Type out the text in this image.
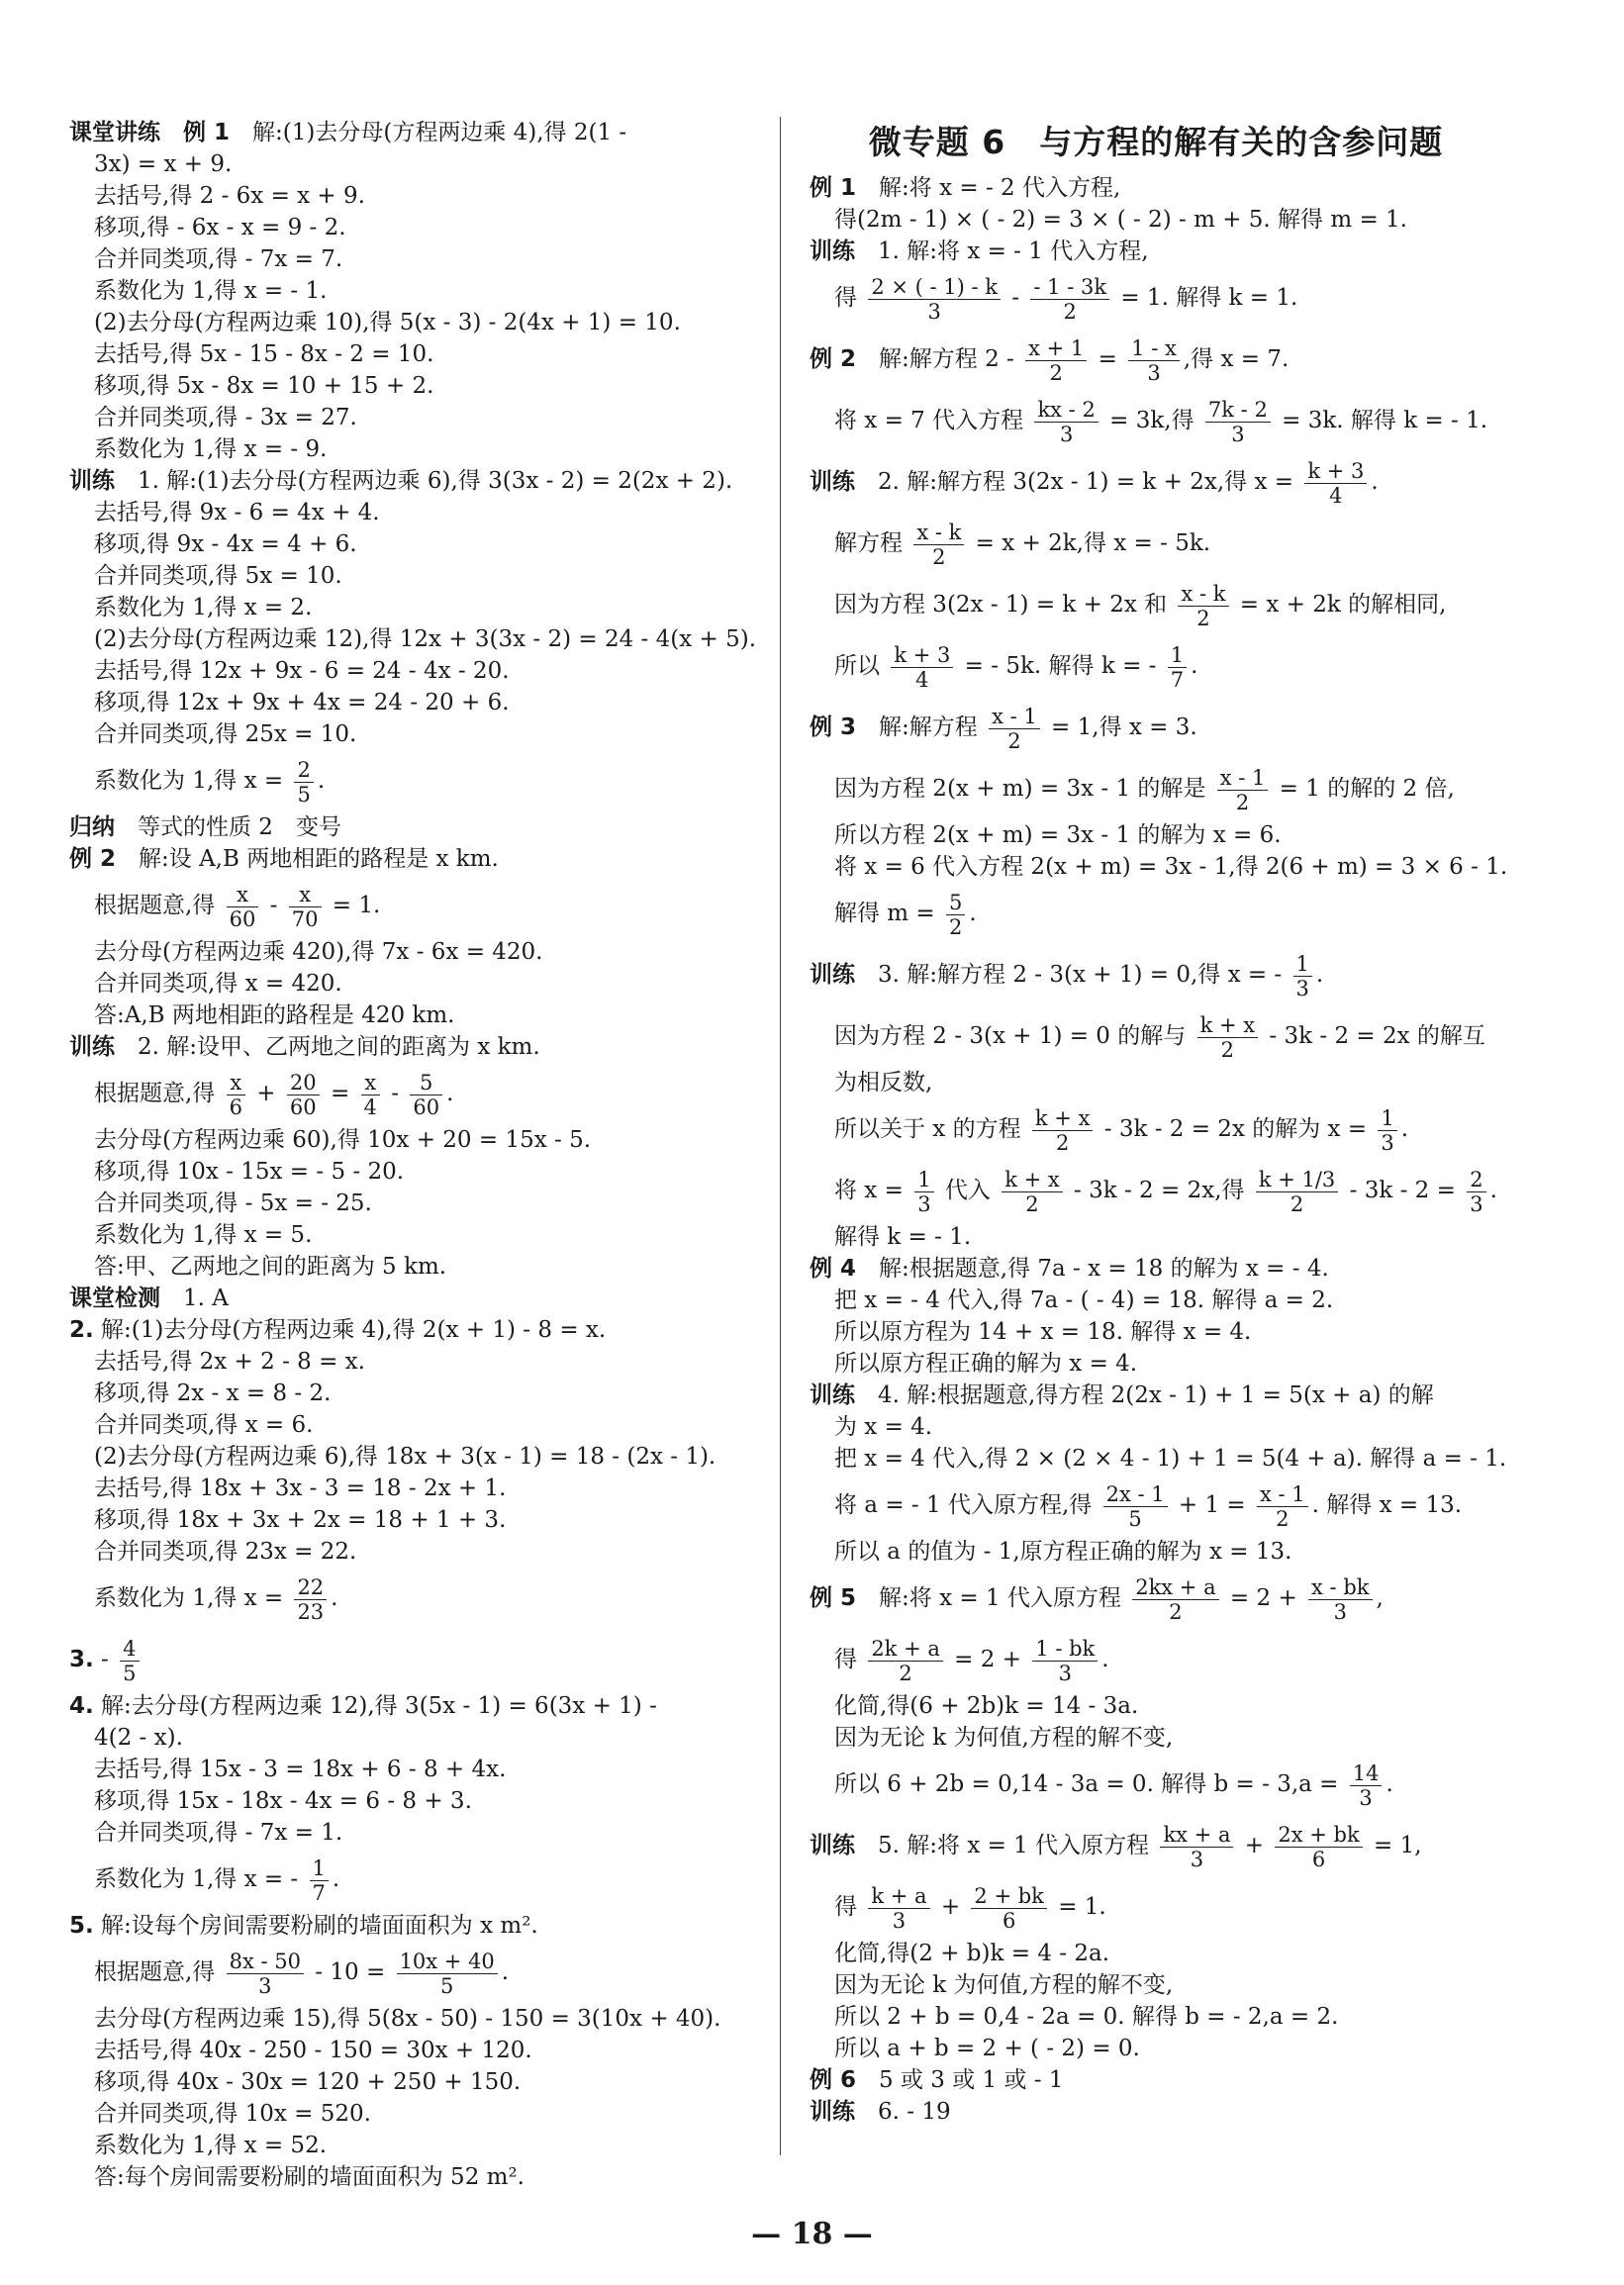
课堂讲练　例 1　解:(1)去分母(方程两边乘 4),得 2(1 -
3x) = x + 9.
去括号,得 2 - 6x = x + 9.
移项,得 - 6x - x = 9 - 2.
合并同类项,得 - 7x = 7.
系数化为 1,得 x = - 1.
(2)去分母(方程两边乘 10),得 5(x - 3) - 2(4x + 1) = 10.
去括号,得 5x - 15 - 8x - 2 = 10.
移项,得 5x - 8x = 10 + 15 + 2.
合并同类项,得 - 3x = 27.
系数化为 1,得 x = - 9.
训练　1. 解:(1)去分母(方程两边乘 6),得 3(3x - 2) = 2(2x + 2).
去括号,得 9x - 6 = 4x + 4.
移项,得 9x - 4x = 4 + 6.
合并同类项,得 5x = 10.
系数化为 1,得 x = 2.
(2)去分母(方程两边乘 12),得 12x + 3(3x - 2) = 24 - 4(x + 5).
去括号,得 12x + 9x - 6 = 24 - 4x - 20.
移项,得 12x + 9x + 4x = 24 - 20 + 6.
合并同类项,得 25x = 10.
系数化为 1,得 $x = \frac{2}{5}$ .
归纳　等式的性质 2　变号
例 2　解:设 A,B 两地相距的路程是 x km.
根据题意,得 $\frac{x}{60} - \frac{x}{70} = 1$.
去分母(方程两边乘 420),得 7x - 6x = 420.
合并同类项,得 x = 420.
答:A,B 两地相距的路程是 420 km.
训练　2. 解:设甲、乙两地之间的距离为 x km.
根据题意,得 $\frac{x}{6} + \frac{20}{60} = \frac{x}{4} - \frac{5}{60}$ .
去分母(方程两边乘 60),得 10x + 20 = 15x - 5.
移项,得 10x - 15x = - 5 - 20.
合并同类项,得 - 5x = - 25.
系数化为 1,得 x = 5.
答:甲、乙两地之间的距离为 5 km.
课堂检测　1. A
2. 解:(1)去分母(方程两边乘 4),得 2(x + 1) - 8 = x.
去括号,得 2x + 2 - 8 = x.
移项,得 2x - x = 8 - 2.
合并同类项,得 x = 6.
(2)去分母(方程两边乘 6),得 18x + 3(x - 1) = 18 - (2x - 1).
去括号,得 18x + 3x - 3 = 18 - 2x + 1.
移项,得 18x + 3x + 2x = 18 + 1 + 3.
合并同类项,得 23x = 22.
系数化为 1,得 $x = \frac{22}{23}$ .
3. - $\frac{4}{5}$
4. 解:去分母(方程两边乘 12),得 3(5x - 1) = 6(3x + 1) -
4(2 - x).
去括号,得 15x - 3 = 18x + 6 - 8 + 4x.
移项,得 15x - 18x - 4x = 6 - 8 + 3.
合并同类项,得 - 7x = 1.
系数化为 1,得 x = - $\frac{1}{7}$ .
5. 解:设每个房间需要粉刷的墙面面积为 x m².
根据题意,得 $\frac{8x - 50}{3} - 10 = \frac{10x + 40}{5}$ .
去分母(方程两边乘 15),得 5(8x - 50) - 150 = 3(10x + 40).
去括号,得 40x - 250 - 150 = 30x + 120.
移项,得 40x - 30x = 120 + 250 + 150.
合并同类项,得 10x = 520.
系数化为 1,得 x = 52.
答:每个房间需要粉刷的墙面面积为 52 m².
微专题 6　与方程的解有关的含参问题
例 1　解:将 x = - 2 代入方程,
得(2m - 1) × ( - 2) = 3 × ( - 2) - m + 5. 解得 m = 1.
训练　1. 解:将 x = - 1 代入方程,
得 $\frac{2 \times ( - 1) - k}{3} - \frac{- 1 - 3k}{2} = 1$. 解得 k = 1.
例 2　解:解方程 $2 - \frac{x + 1}{2} = \frac{1 - x}{3}$ ,得 x = 7.
将 x = 7 代入方程 $\frac{kx - 2}{3} = 3k$,得 $\frac{7k - 2}{3} = 3k$. 解得 k = - 1.
训练　2. 解:解方程 3(2x - 1) = k + 2x,得 $x = \frac{k + 3}{4}$ .
解方程 $\frac{x - k}{2} = x + 2k$,得 x = - 5k.
因为方程 3(2x - 1) = k + 2x 和 $\frac{x - k}{2} = x + 2k$ 的解相同,
所以 $\frac{k + 3}{4}$ = - 5k. 解得 k = - $\frac{1}{7}$ .
例 3　解:解方程 $\frac{x - 1}{2} = 1$,得 x = 3.
因为方程 2(x + m) = 3x - 1 的解是 $\frac{x - 1}{2} = 1$ 的解的 2 倍,
所以方程 2(x + m) = 3x - 1 的解为 x = 6.
将 x = 6 代入方程 2(x + m) = 3x - 1,得 2(6 + m) = 3 × 6 - 1.
解得 $m = \frac{5}{2}$ .
训练　3. 解:解方程 2 - 3(x + 1) = 0,得 x = - $\frac{1}{3}$ .
因为方程 2 - 3(x + 1) = 0 的解与 $\frac{k + x}{2} - 3k - 2 = 2x$ 的解互
为相反数,
所以关于 x 的方程 $\frac{k + x}{2} - 3k - 2 = 2x$ 的解为 $x = \frac{1}{3}$ .
将 $x = \frac{1}{3}$ 代入 $\frac{k + x}{2} - 3k - 2 = 2x$,得 $\frac{k + 1/3}{2} - 3k - 2 = \frac{2}{3}$ .
解得 k = - 1.
例 4　解:根据题意,得 7a - x = 18 的解为 x = - 4.
把 x = - 4 代入,得 7a - ( - 4) = 18. 解得 a = 2.
所以原方程为 14 + x = 18. 解得 x = 4.
所以原方程正确的解为 x = 4.
训练　4. 解:根据题意,得方程 2(2x - 1) + 1 = 5(x + a) 的解
为 x = 4.
把 x = 4 代入,得 2 × (2 × 4 - 1) + 1 = 5(4 + a). 解得 a = - 1.
将 a = - 1 代入原方程,得 $\frac{2x - 1}{5} + 1 = \frac{x - 1}{2}$ . 解得 x = 13.
所以 a 的值为 - 1,原方程正确的解为 x = 13.
例 5　解:将 x = 1 代入原方程 $\frac{2kx + a}{2} = 2 + \frac{x - bk}{3}$ ,
得 $\frac{2k + a}{2} = 2 + \frac{1 - bk}{3}$ .
化简,得(6 + 2b)k = 14 - 3a.
因为无论 k 为何值,方程的解不变,
所以 6 + 2b = 0,14 - 3a = 0. 解得 b = - $3,a = \frac{14}{3}$ .
训练　5. 解:将 x = 1 代入原方程 $\frac{kx + a}{3} + \frac{2x + bk}{6} = 1$,
得 $\frac{k + a}{3} + \frac{2 + bk}{6} = 1$.
化简,得(2 + b)k = 4 - 2a.
因为无论 k 为何值,方程的解不变,
所以 2 + b = 0,4 - 2a = 0. 解得 b = - 2,a = 2.
所以 a + b = 2 + ( - 2) = 0.
例 6　5 或 3 或 1 或 - 1
训练　6. - 19
— 18 —
